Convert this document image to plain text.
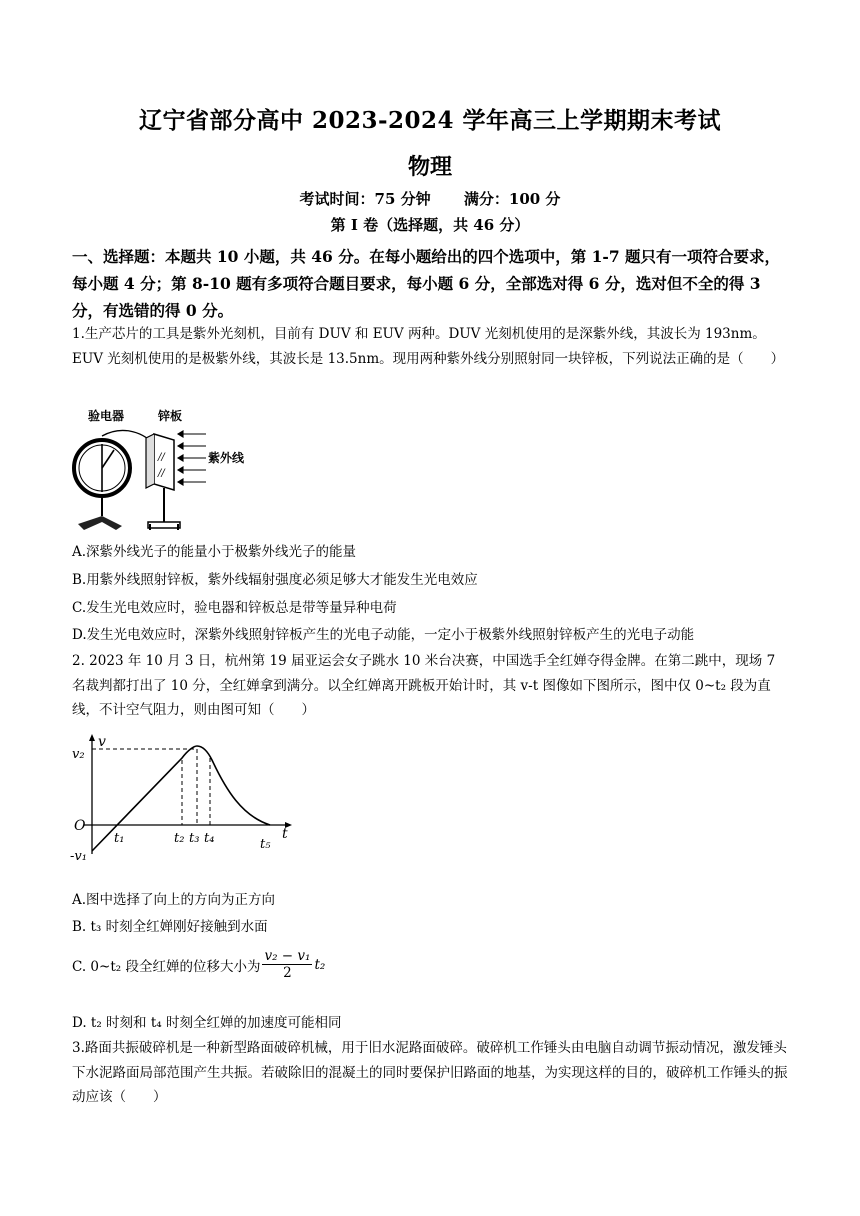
辽宁省部分高中 2023-2024 学年高三上学期期末考试
物理
考试时间：75 分钟 满分：100 分
第 I 卷（选择题，共 46 分）
一、选择题：本题共 10 小题，共 46 分。在每小题给出的四个选项中，第 1-7 题只有一项符合要求，每小题 4 分；第 8-10 题有多项符合题目要求，每小题 6 分，全部选对得 6 分，选对但不全的得 3 分，有选错的得 0 分。
1.生产芯片的工具是紫外光刻机，目前有 DUV 和 EUV 两种。DUV 光刻机使用的是深紫外线，其波长为 193nm。EUV 光刻机使用的是极紫外线，其波长是 13.5nm。现用两种紫外线分别照射同一块锌板，下列说法正确的是（　　）
验电器	锌板
紫外线
//
//
A.深紫外线光子的能量小于极紫外线光子的能量
B.用紫外线照射锌板，紫外线辐射强度必须足够大才能发生光电效应
C.发生光电效应时，验电器和锌板总是带等量异种电荷
D.发生光电效应时，深紫外线照射锌板产生的光电子动能，一定小于极紫外线照射锌板产生的光电子动能
2. 2023 年 10 月 3 日，杭州第 19 届亚运会女子跳水 10 米台决赛，中国选手全红婵夺得金牌。在第二跳中，现场 7 名裁判都打出了 10 分，全红婵拿到满分。以全红婵离开跳板开始计时，其 v-t 图像如下图所示，图中仅 0~t₂ 段为直线，不计空气阻力，则由图可知（　　）
v
t
O
v₂
-v₁
t₁	t₂ t₃ t₄	t₅
A.图中选择了向上的方向为正方向
B. t₃ 时刻全红婵刚好接触到水面
C. 0~t₂ 段全红婵的位移大小为 $\frac{\text{v₂ − v₁}}{2} t_2$
D. t₂ 时刻和 t₄ 时刻全红婵的加速度可能相同
3.路面共振破碎机是一种新型路面破碎机械，用于旧水泥路面破碎。破碎机工作锤头由电脑自动调节振动情况，激发锤头下水泥路面局部范围产生共振。若破除旧的混凝土的同时要保护旧路面的地基，为实现这样的目的，破碎机工作锤头的振动应该（　　）
